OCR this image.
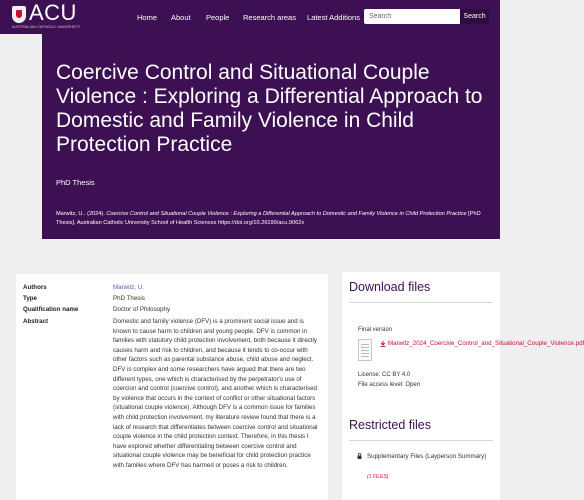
ACU
AUSTRALIAN CATHOLIC UNIVERSITY
Home About People Research areas Latest Additions
Search	Search
Coercive Control and Situational Couple Violence : Exploring a Differential Approach to Domestic and Family Violence in Child Protection Practice
PhD Thesis
Marwitz, U.. (2024). Coercive Control and Situational Couple Violence : Exploring a Differential Approach to Domestic and Family Violence in Child Protection Practice [PhD Thesis]. Australian Catholic University School of Health Sciences https://doi.org/10.26199/acu.9062x
Authors	Marwitz, U.
Type	PhD Thesis
Qualification name	Doctor of Philosophy
Abstract	Domestic and family violence (DFV) is a prominent social issue and is known to cause harm to children and young people. DFV is common in families with statutory child protection involvement, both because it directly causes harm and risk to children, and because it tends to co-occur with other factors such as parental substance abuse, child abuse and neglect. DFV is complex and some researchers have argued that there are two different types, one which is characterised by the perpetrator's use of coercion and control (coercive control), and another which is characterised by violence that occurs in the context of conflict or other situational factors (situational couple violence). Although DFV is a common issue for families with child protection involvement, my literature review found that there is a lack of research that differentiates between coercive control and situational couple violence in the child protection context. Therefore, in this thesis I have explored whether differentiating between coercive control and situational couple violence may be beneficial for child protection practice with families where DFV has harmed or poses a risk to children.
Download files
Final version
Marwitz_2024_Coercive_Control_and_Situational_Couple_Violence.pdf
License: CC BY 4.0
File access level: Open
Restricted files
Supplementary Files (Layperson Summary)
(1 FILES)
